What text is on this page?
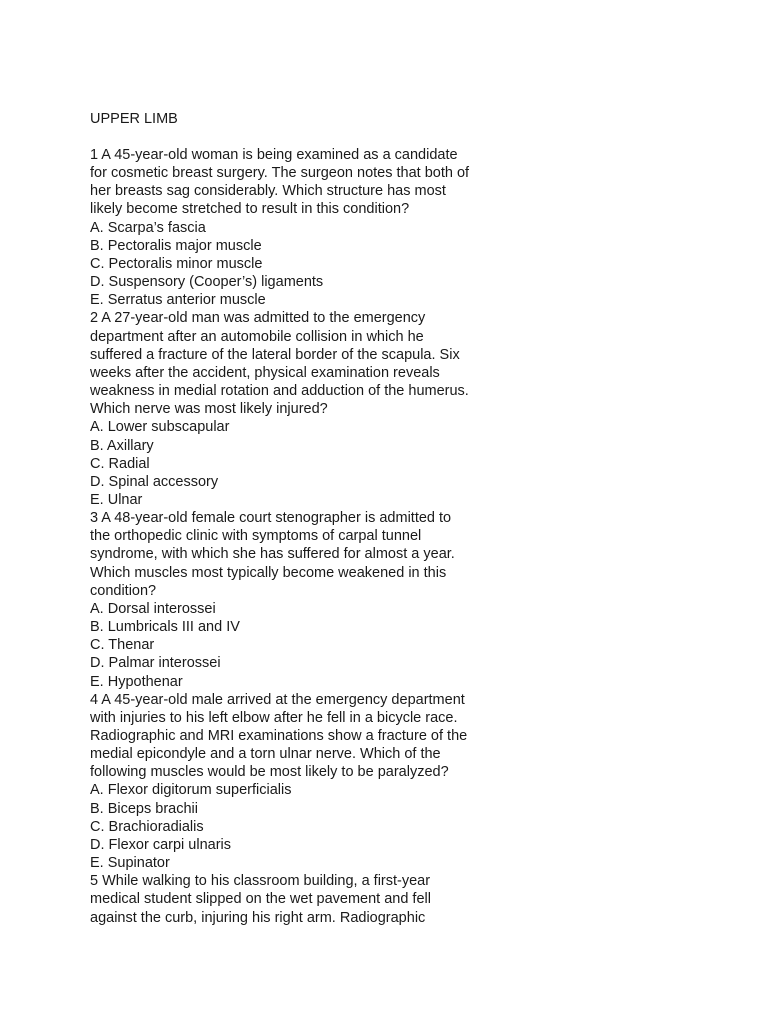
UPPER LIMB

1 A 45-year-old woman is being examined as a candidate
for cosmetic breast surgery. The surgeon notes that both of
her breasts sag considerably. Which structure has most
likely become stretched to result in this condition?

A. Scarpa’s fascia
B. Pectoralis major muscle
C. Pectoralis minor muscle
D. Suspensory (Cooper’s) ligaments
E. Serratus anterior muscle

2 A 27-year-old man was admitted to the emergency
department after an automobile collision in which he
suffered a fracture of the lateral border of the scapula. Six
weeks after the accident, physical examination reveals
weakness in medial rotation and adduction of the humerus.
Which nerve was most likely injured?

A. Lower subscapular
B. Axillary
C. Radial
D. Spinal accessory
E. Ulnar

3 A 48-year-old female court stenographer is admitted to
the orthopedic clinic with symptoms of carpal tunnel
syndrome, with which she has suffered for almost a year.
Which muscles most typically become weakened in this
condition?

A. Dorsal interossei
B. Lumbricals III and IV
C. Thenar
D. Palmar interossei
E. Hypothenar

4 A 45-year-old male arrived at the emergency department
with injuries to his left elbow after he fell in a bicycle race.
Radiographic and MRI examinations show a fracture of the
medial epicondyle and a torn ulnar nerve. Which of the
following muscles would be most likely to be paralyzed?

A. Flexor digitorum superficialis
B. Biceps brachii
C. Brachioradialis
D. Flexor carpi ulnaris
E. Supinator

5 While walking to his classroom building, a first-year
medical student slipped on the wet pavement and fell
against the curb, injuring his right arm. Radiographic
